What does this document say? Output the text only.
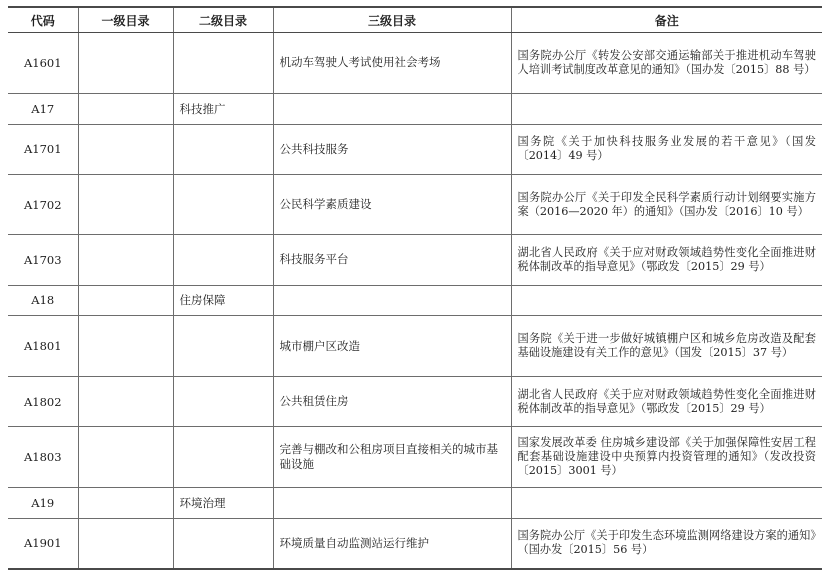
代码	一级目录	二级目录	三级目录	备注
A1601			机动车驾驶人考试使用社会考场	国务院办公厅《转发公安部交通运输部关于推进机动车驾驶人培训考试制度改革意见的通知》（国办发〔2015〕88 号）
A17		科技推广		
A1701			公共科技服务	国务院《关于加快科技服务业发展的若干意见》（国发〔2014〕49 号）
A1702			公民科学素质建设	国务院办公厅《关于印发全民科学素质行动计划纲要实施方案（2016—2020 年）的通知》（国办发〔2016〕10 号）
A1703			科技服务平台	湖北省人民政府《关于应对财政领域趋势性变化全面推进财税体制改革的指导意见》（鄂政发〔2015〕29 号）
A18		住房保障		
A1801			城市棚户区改造	国务院《关于进一步做好城镇棚户区和城乡危房改造及配套基础设施建设有关工作的意见》（国发〔2015〕37 号）
A1802			公共租赁住房	湖北省人民政府《关于应对财政领域趋势性变化全面推进财税体制改革的指导意见》（鄂政发〔2015〕29 号）
A1803			完善与棚改和公租房项目直接相关的城市基础设施	国家发展改革委 住房城乡建设部《关于加强保障性安居工程配套基础设施建设中央预算内投资管理的通知》（发改投资〔2015〕3001 号）
A19		环境治理		
A1901			环境质量自动监测站运行维护	国务院办公厅《关于印发生态环境监测网络建设方案的通知》（国办发〔2015〕56 号）
